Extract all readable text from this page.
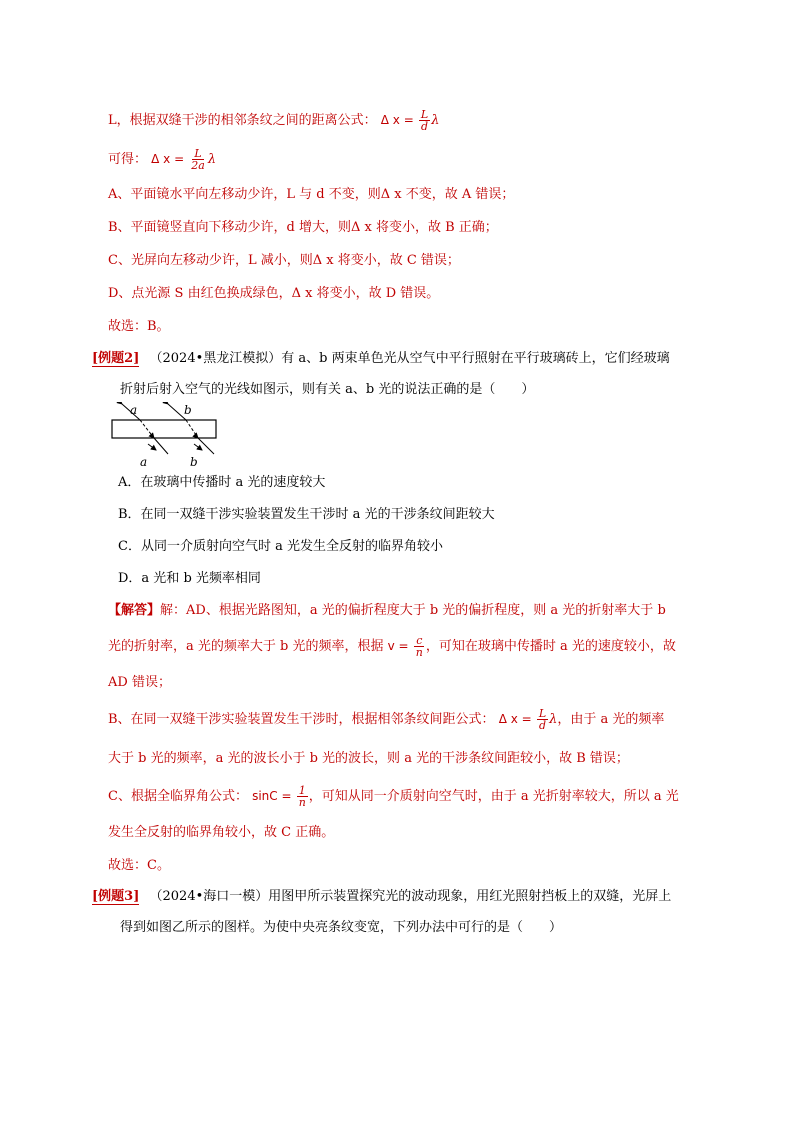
L，根据双缝干涉的相邻条纹之间的距离公式： Δ $x = \frac{L}{d}$ λ
可得： Δ $x = \frac{L}{2a}$ λ
A、平面镜水平向左移动少许，L 与 d 不变，则Δ x 不变，故 A 错误；
B、平面镜竖直向下移动少许，d 增大，则Δ x 将变小，故 B 正确；
C、光屏向左移动少许，L 减小，则Δ x 将变小，故 C 错误；
D、点光源 S 由红色换成绿色，Δ x 将变小，故 D 错误。
故选：B。
[例题2] （2024•黑龙江模拟）有 a、b 两束单色光从空气中平行照射在平行玻璃砖上，它们经玻璃
折射后射入空气的光线如图示，则有关 a、b 光的说法正确的是（　　）
a	b
a	b
A．在玻璃中传播时 a 光的速度较大
B．在同一双缝干涉实验装置发生干涉时 a 光的干涉条纹间距较大
C．从同一介质射向空气时 a 光发生全反射的临界角较小
D．a 光和 b 光频率相同
【解答】解：AD、根据光路图知，a 光的偏折程度大于 b 光的偏折程度，则 a 光的折射率大于 b
光的折射率，a 光的频率大于 b 光的频率，根据 $v = \frac{c}{n}$ ，可知在玻璃中传播时 a 光的速度较小，故
AD 错误；
B、在同一双缝干涉实验装置发生干涉时，根据相邻条纹间距公式： Δ $x = \frac{L}{d}$ λ，由于 a 光的频率
大于 b 光的频率，a 光的波长小于 b 光的波长，则 a 光的干涉条纹间距较小，故 B 错误；
C、根据全临界角公式： $\sin C = \frac{1}{n}$ ，可知从同一介质射向空气时，由于 a 光折射率较大，所以 a 光
发生全反射的临界角较小，故 C 正确。
故选：C。
[例题3] （2024•海口一模）用图甲所示装置探究光的波动现象，用红光照射挡板上的双缝，光屏上
得到如图乙所示的图样。为使中央亮条纹变宽，下列办法中可行的是（　　）
